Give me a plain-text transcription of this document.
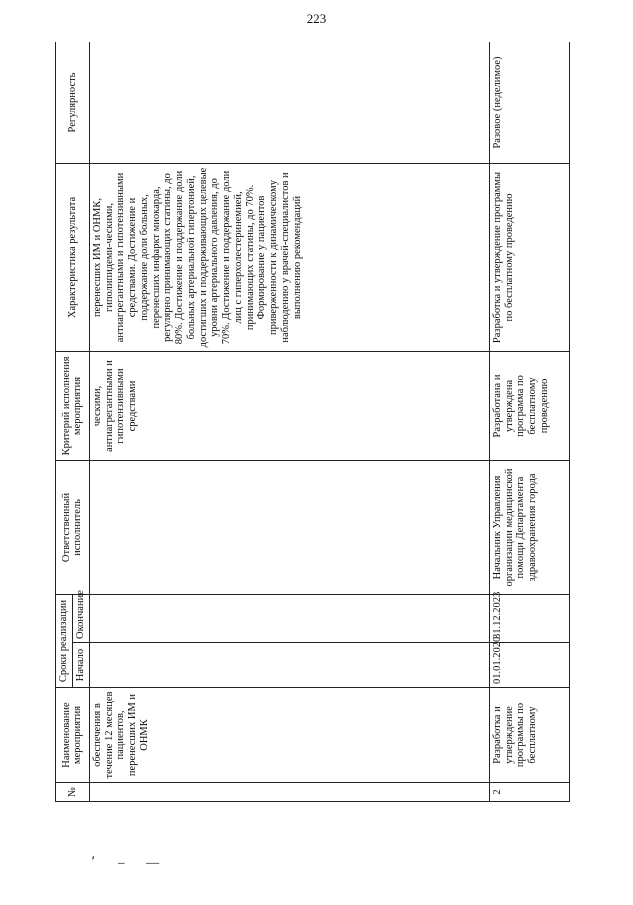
223
№	Наименование мероприятия	Сроки реализации		Ответственный исполнитель	Критерий исполнения мероприятия	Характеристика результата	Регулярность
		Начало	Окончание				
	обеспечения в течение 12 месяцев пациентов, перенесших ИМ и ОНМК				ческими, антиагрегантными и гипотензивными средствами	перенесших ИМ и ОНМК, гиполипидеми-ческими, антиагрегантными и гипотензивными средствами. Достижение и поддержание доли больных, перенесших инфаркт миокарда, регулярно принимающих статины, до 80%. Достижение и поддержание доли больных артериальной гипертонией, достигших и поддерживающих целевые уровни артериального давления, до 70%. Достижение и поддержание доли лиц с гиперхолестеринемией, принимающих статины, до 70%. Формирование у пациентов приверженности к динамическому наблюдению у врачей-специалистов и выполнению рекомендаций	
2	Разработка и утверждение программы по бесплатному	01.01.2020	31.12.2023	Начальник Управления организации медицинской помощи Департамента здравоохранения города	Разработана и утверждена программа по бесплатному проведению	Разработка и утверждение программы по бесплатному проведению	Разовое (неделимое)
‚
– ––
